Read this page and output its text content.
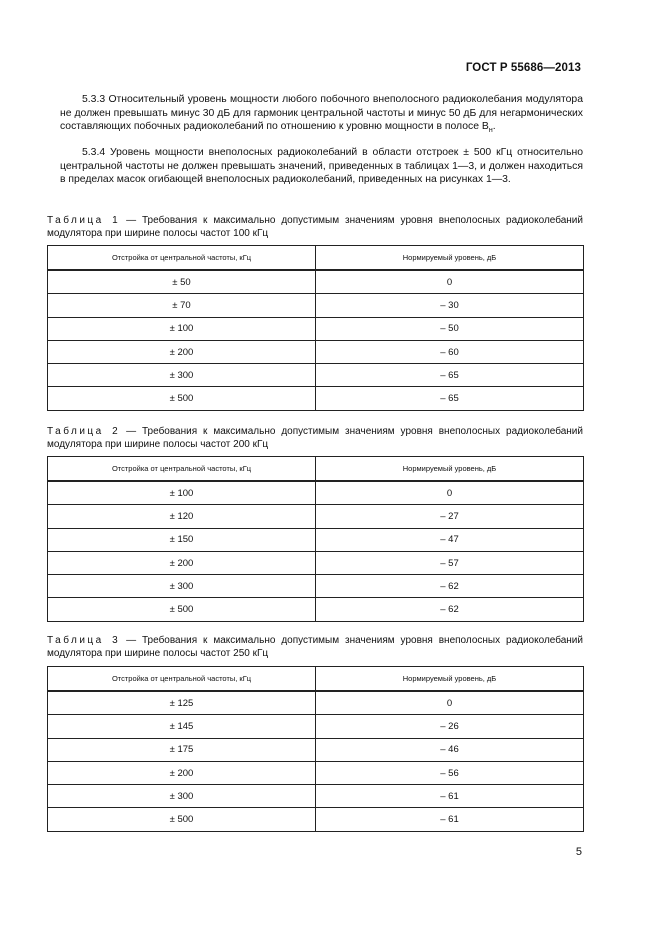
ГОСТ Р 55686—2013
5.3.3 Относительный уровень мощности любого побочного внеполосного радиоколебания модулятора не должен превышать минус 30 дБ для гармоник центральной частоты и минус 50 дБ для негармонических составляющих побочных радиоколебаний по отношению к уровню мощности в полосе $В_н$.
5.3.4 Уровень мощности внеполосных радиоколебаний в области отстроек ± 500 кГц относительно центральной частоты не должен превышать значений, приведенных в таблицах 1—3, и должен находиться в пределах масок огибающей внеполосных радиоколебаний, приведенных на рисунках 1—3.
Таблица 1 — Требования к максимально допустимым значениям уровня внеполосных радиоколебаний модулятора при ширине полосы частот 100 кГц
Отстройка от центральной частоты, кГц	Нормируемый уровень, дБ
± 50	0
± 70	– 30
± 100	– 50
± 200	– 60
± 300	– 65
± 500	– 65
Таблица 2 — Требования к максимально допустимым значениям уровня внеполосных радиоколебаний модулятора при ширине полосы частот 200 кГц
Отстройка от центральной частоты, кГц	Нормируемый уровень, дБ
± 100	0
± 120	– 27
± 150	– 47
± 200	– 57
± 300	– 62
± 500	– 62
Таблица 3 — Требования к максимально допустимым значениям уровня внеполосных радиоколебаний модулятора при ширине полосы частот 250 кГц
Отстройка от центральной частоты, кГц	Нормируемый уровень, дБ
± 125	0
± 145	– 26
± 175	– 46
± 200	– 56
± 300	– 61
± 500	– 61
5
